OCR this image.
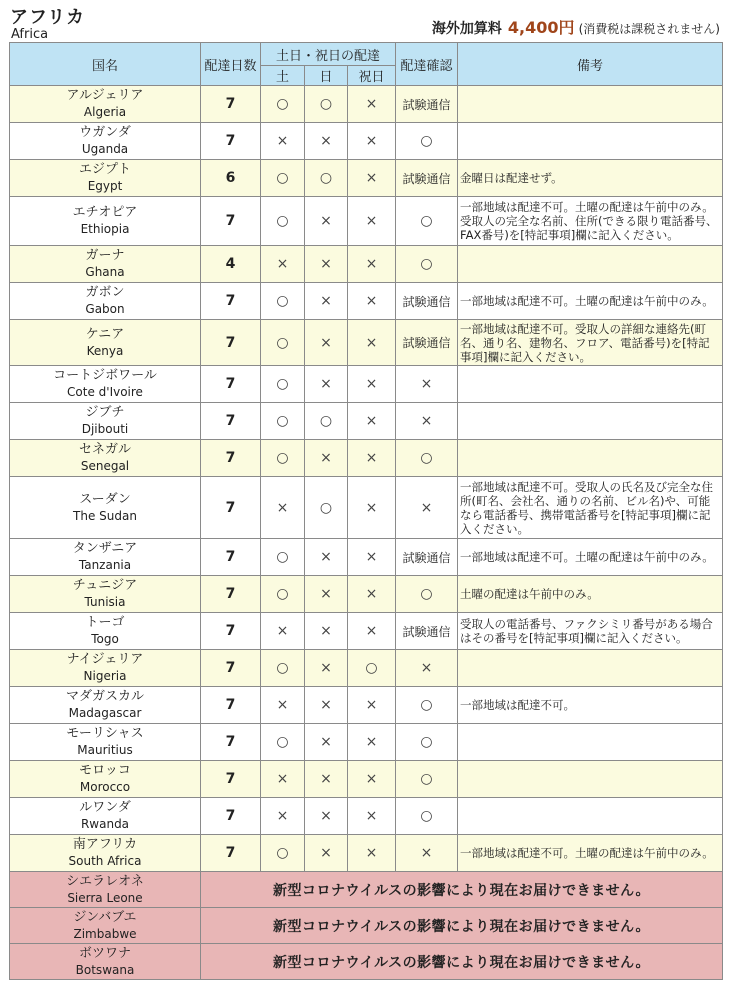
アフリカ
Africa	海外加算料 4,400円 (消費税は課税されません)
国名	配達日数	土日・祝日の配達			配達確認	備考
		土	日	祝日		

アルジェリア
Algeria	7	○	○	×	試験通信	

ウガンダ
Uganda	7	×	×	×	○	

エジプト
Egypt	6	○	○	×	試験通信	金曜日は配達せず。

エチオピア
Ethiopia	7	○	×	×	○	一部地域は配達不可。土曜の配達は午前中のみ。受取人の完全な名前、住所(できる限り電話番号、FAX番号)を[特記事項]欄に記入ください。

ガーナ
Ghana	4	×	×	×	○	

ガボン
Gabon	7	○	×	×	試験通信	一部地域は配達不可。土曜の配達は午前中のみ。

ケニア
Kenya	7	○	×	×	試験通信	一部地域は配達不可。受取人の詳細な連絡先(町名、通り名、建物名、フロア、電話番号)を[特記事項]欄に記入ください。

コートジボワール
Cote d'Ivoire	7	○	×	×	×	

ジブチ
Djibouti	7	○	○	×	×	

セネガル
Senegal	7	○	×	×	○	

スーダン
The Sudan	7	×	○	×	×	一部地域は配達不可。受取人の氏名及び完全な住所(町名、会社名、通りの名前、ビル名)や、可能なら電話番号、携帯電話番号を[特記事項]欄に記入ください。

タンザニア
Tanzania	7	○	×	×	試験通信	一部地域は配達不可。土曜の配達は午前中のみ。

チュニジア
Tunisia	7	○	×	×	○	土曜の配達は午前中のみ。

トーゴ
Togo	7	×	×	×	試験通信	受取人の電話番号、ファクシミリ番号がある場合はその番号を[特記事項]欄に記入ください。

ナイジェリア
Nigeria	7	○	×	○	×	

マダガスカル
Madagascar	7	×	×	×	○	一部地域は配達不可。

モーリシャス
Mauritius	7	○	×	×	○	

モロッコ
Morocco	7	×	×	×	○	

ルワンダ
Rwanda	7	×	×	×	○	

南アフリカ
South Africa	7	○	×	×	×	一部地域は配達不可。土曜の配達は午前中のみ。

シエラレオネ
Sierra Leone	新型コロナウイルスの影響により現在お届けできません。					

ジンバブエ
Zimbabwe	新型コロナウイルスの影響により現在お届けできません。					

ボツワナ
Botswana	新型コロナウイルスの影響により現在お届けできません。					
